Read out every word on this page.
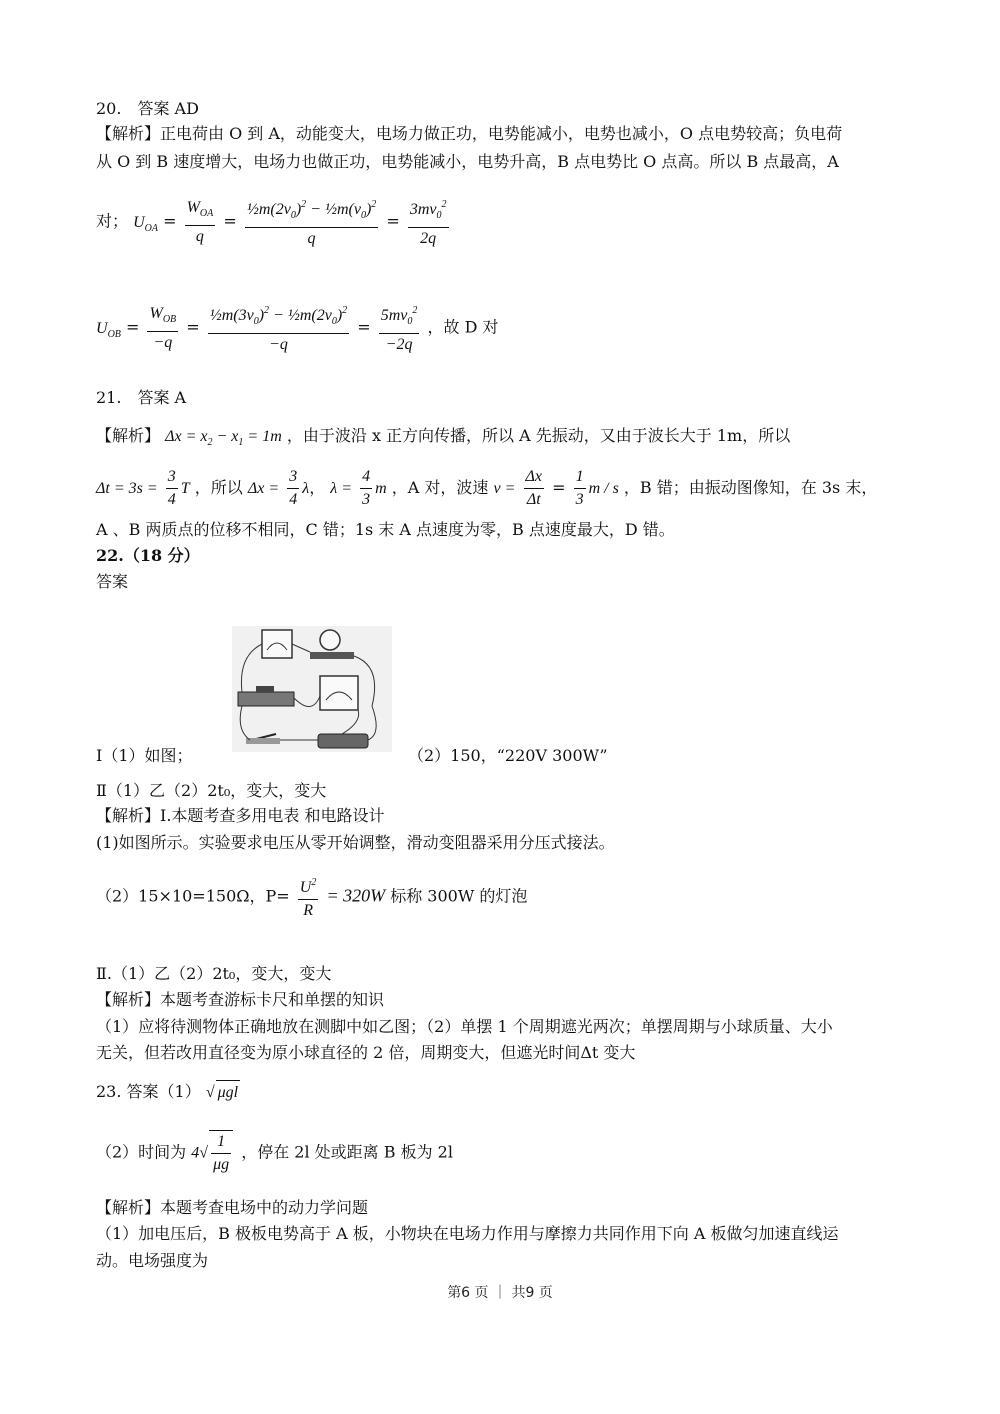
20.　答案 AD
【解析】正电荷由 O 到 A，动能变大，电场力做正功，电势能减小，电势也减小，O 点电势较高；负电荷
从 O 到 B 速度增大，电场力也做正功，电势能减小，电势升高，B 点电势比 O 点高。所以 B 点最高，A
对； $U_{OA} = \frac{W_{OA}}{q} = \frac{\frac{1}{2}m(2v_0)^2 - \frac{1}{2}m(v_0)^2}{q} = \frac{3mv_0^2}{2q}$
$U_{OB} = \frac{W_{OB}}{-q} = \frac{\frac{1}{2}m(3v_0)^2 - \frac{1}{2}m(2v_0)^2}{-q} = \frac{5mv_0^2}{-2q}$ ，故 D 对
21.　答案 A
【解析】 $\Delta x = x_2 - x_1 = 1m$ ，由于波沿 x 正方向传播，所以 A 先振动，又由于波长大于 1m，所以
$\Delta t = 3s = \frac{3}{4}$ T ，所以 $\Delta x = \frac{3}{4}$ λ， $\lambda = \frac{4}{3}$ m ，A 对，波速 $v = \frac{\Delta x}{\Delta t} = \frac{1}{3}$ m / s ，B 错；由振动图像知，在 3s 末，
A 、B 两质点的位移不相同，C 错；1s 末 A 点速度为零，B 点速度最大，D 错。
22.（18 分）
答案
Ⅰ（1）如图；	（2）150，“220V 300W”
Ⅱ（1）乙（2）2t₀，变大，变大
【解析】Ⅰ.本题考查多用电表 和电路设计
(1)如图所示。实验要求电压从零开始调整，滑动变阻器采用分压式接法。
（2）15×10=150Ω，$P= \frac{U^2}{R} = 320W$ 标称 300W 的灯泡
Ⅱ.（1）乙（2）2t₀，变大，变大
【解析】本题考查游标卡尺和单摆的知识
（1）应将待测物体正确地放在测脚中如乙图；（2）单摆 1 个周期遮光两次；单摆周期与小球质量、大小
无关，但若改用直径变为原小球直径的 2 倍，周期变大，但遮光时间Δt 变大
23. 答案（1） √ μgl
（2）时间为 $4√ \frac{1}{\mu g}$ ，停在 2l 处或距离 B 板为 2l
【解析】本题考查电场中的动力学问题
（1）加电压后，B 极板电势高于 A 板，小物块在电场力作用与摩擦力共同作用下向 A 板做匀加速直线运
动。电场强度为
第6 页 ｜ 共9 页
